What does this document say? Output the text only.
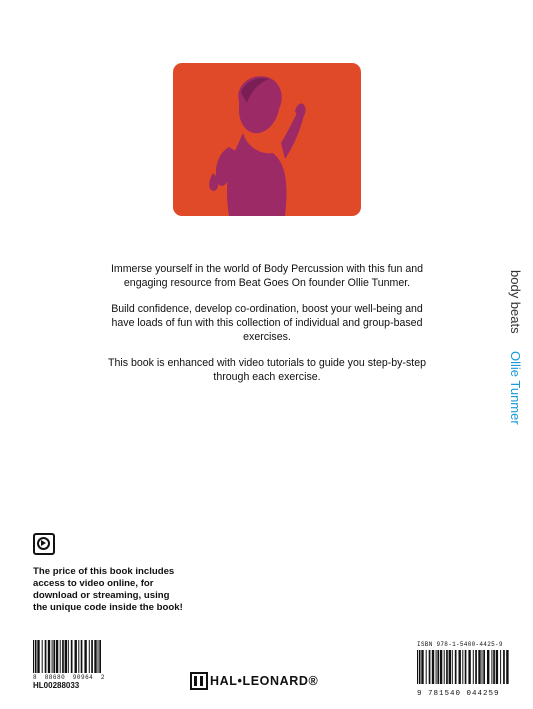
Immerse yourself in the world of Body Percussion with this fun and engaging resource from Beat Goes On founder Ollie Tunmer.

Build confidence, develop co-ordination, boost your well-being and have loads of fun with this collection of individual and group-based exercises.

This book is enhanced with video tutorials to guide you step-by-step through each exercise.

body beats Ollie Tunmer
The price of this book includes access to video online, for download or streaming, using the unique code inside the book!
8 88680 90964 2
HL00288033	HAL•LEONARD®
ISBN 978-1-5400-4425-9
9 781540 044259
